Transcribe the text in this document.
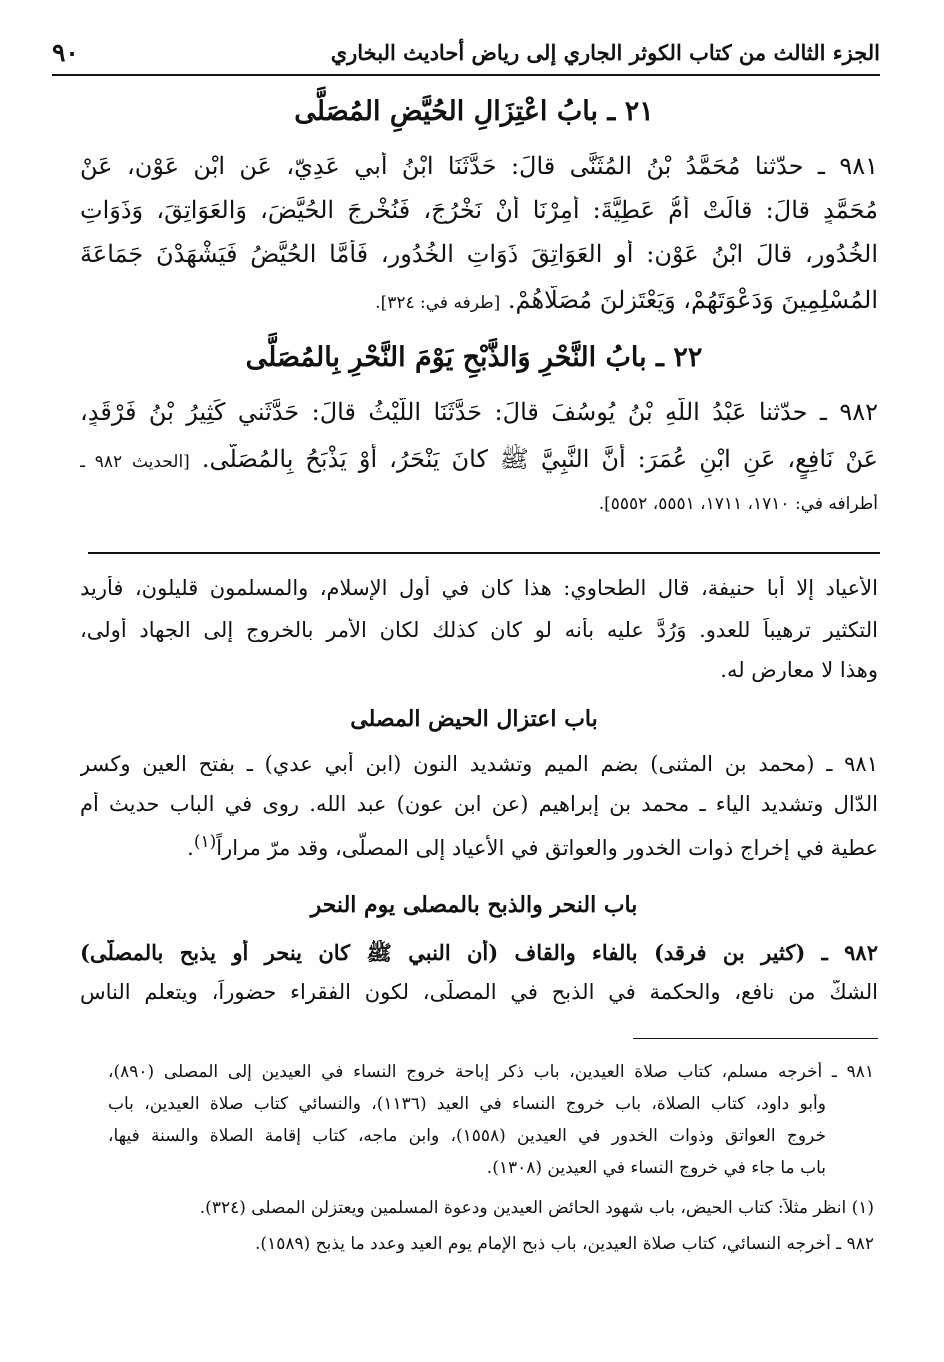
٩٠	الجزء الثالث من كتاب الكوثر الجاري إلى رياض أحاديث البخاري
٢١ ـ بابُ اعْتِزَالِ الحُيَّضِ المُصَلَّى
٩٨١ ـ حدّثنا مُحَمَّدُ بْنُ المُثَنَّى قالَ: حَدَّثَنَا ابْنُ أَبي عَدِيّ، عَنِ ابْنِ عَوْنٍ، عَنْ
مُحَمَّدٍ قالَ: قالَتْ أُمُّ عَطِيَّةَ: أُمِرْنَا أَنْ نَخْرُجَ، فَنُخْرِجَ الحُيَّضَ، وَالعَوَاتِقَ، وَذَوَاتِ
الخُدُورِ، قالَ ابْنُ عَوْن: أَوِ العَوَاتِقَ ذَوَاتِ الخُدُورِ، فَأَمَّا الحُيَّضُ فَيَشْهَدْنَ جَمَاعَةَ
المُسْلِمِينَ وَدَعْوَتَهُمْ، وَيَعْتَزِلنَ مُصَلَّاهُمْ. [طرفه في: ٣٢٤].
٢٢ ـ بابُ النَّحْرِ وَالذَّبْحِ يَوْمَ النَّحْرِ بِالمُصَلَّى
٩٨٢ ـ حدّثنا عَبْدُ اللَّهِ بْنُ يُوسُفَ قالَ: حَدَّثَنَا اللَّيْثُ قالَ: حَدَّثَني كَثِيرُ بْنُ فَرْقَدٍ،
عَنْ نَافِعٍ، عَنِ ابْنِ عُمَرَ: أَنَّ النَّبِيَّ ﷺ كانَ يَنْحَرُ، أَوْ يَذْبَحُ بِالمُصَلَّى. [الحديث ٩٨٢ ـ
أطرافه في: ١٧١٠، ١٧١١، ٥٥٥١، ٥٥٥٢].
الأعياد إلا أبا حنيفة، قال الطحاوي: هذا كان في أول الإسلام، والمسلمون قليلون، فأريد
التكثير ترهيباً للعدو. وَرُدَّ عليه بأنه لو كان كذلك لكان الأمر بالخروج إلى الجهاد أولى،
وهذا لا معارض له.
باب اعتزال الحيض المصلى
٩٨١ ـ (محمد بن المثنى) بضم الميم وتشديد النون (ابن أبي عدي) ـ بفتح العين وكسر
الدّال وتشديد الياء ـ محمد بن إبراهيم (عن ابن عون) عبد الله. روى في الباب حديث أم
عطية في إخراج ذوات الخدور والعواتق في الأعياد إلى المصلّى، وقد مرّ مراراً$^{(١)}$.
باب النحر والذبح بالمصلى يوم النحر
٩٨٢ ـ (كثير بن فرقد) بالفاء والقاف (أن النبي ﷺ كان ينحر أو يذبح بالمصلّى)
الشكُّ من نافع، والحكمة في الذبح في المصلّى، لكون الفقراء حضوراً، ويتعلم الناس
٩٨١ ـ أخرجه مسلم، كتاب صلاة العيدين، باب ذكر إباحة خروج النساء في العيدين إلى المصلى (٨٩٠)،
وأبو داود، كتاب الصلاة، باب خروج النساء في العيد (١١٣٦)، والنسائي كتاب صلاة العيدين، باب
خروج العواتق وذوات الخدور في العيدين (١٥٥٨)، وابن ماجه، كتاب إقامة الصلاة والسنة فيها،
باب ما جاء في خروج النساء في العيدين (١٣٠٨).
(١) انظر مثلاً: كتاب الحيض، باب شهود الحائض العيدين ودعوة المسلمين ويعتزلن المصلى (٣٢٤).
٩٨٢ ـ أخرجه النسائي، كتاب صلاة العيدين، باب ذبح الإمام يوم العيد وعدد ما يذبح (١٥٨٩).
